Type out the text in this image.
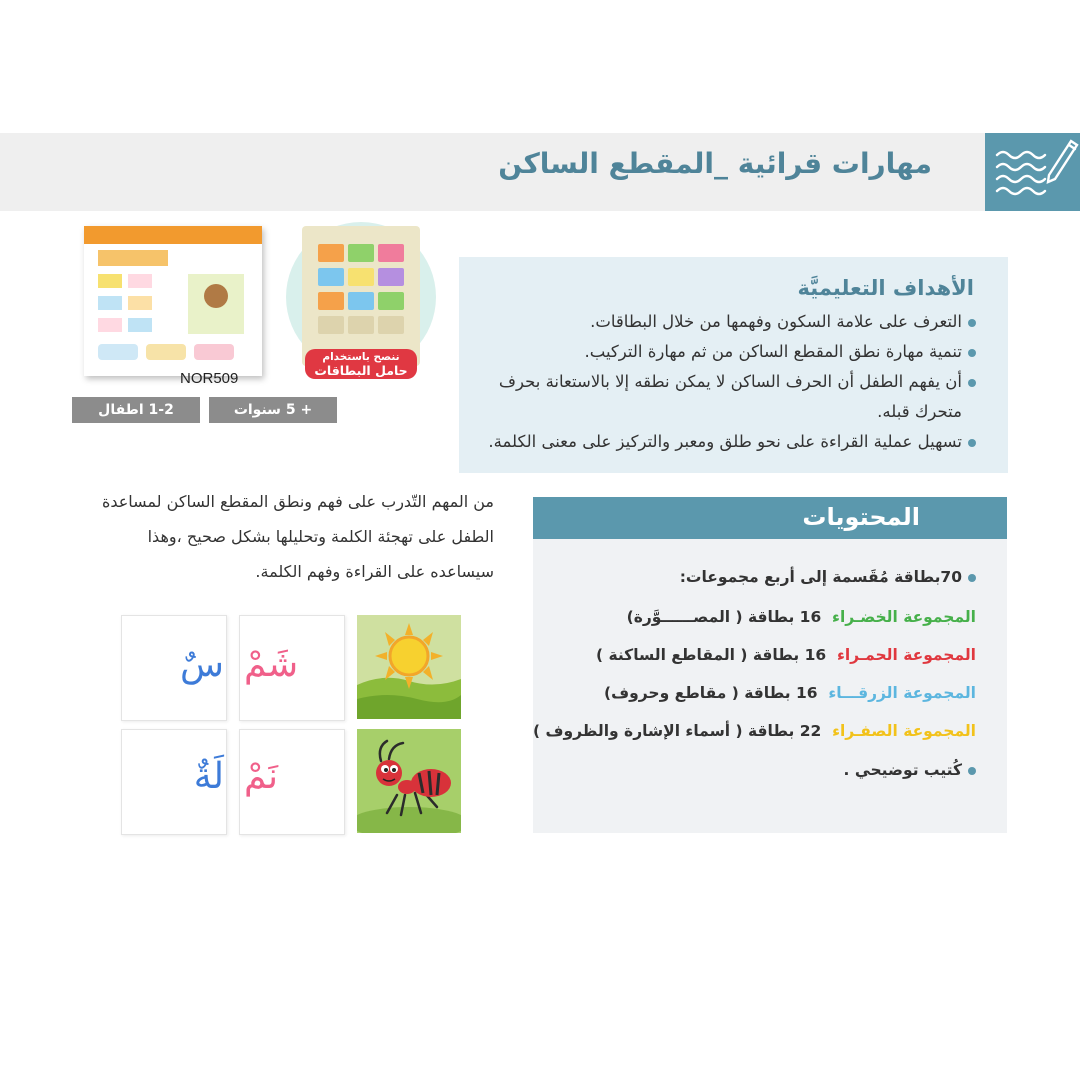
مهارات قرائية _المقطع الساكن
الأهداف التعليميَّة
التعرف على علامة السكون وفهمها من خلال البطاقات.
تنمية مهارة نطق المقطع الساكن من ثم مهارة التركيب.
أن يفهم الطفل أن الحرف الساكن لا يمكن نطقه إلا بالاستعانة بحرف
متحرك قبله.
تسهيل عملية القراءة على نحو طلق ومعبر والتركيز على معنى الكلمة.
من المهم التّدرب على فهم ونطق المقطع الساكن لمساعدة
الطفل على تهجئة الكلمة وتحليلها بشكل صحيح ،وهذا
سيساعده على القراءة وفهم الكلمة.
المحتويات
70بطاقة مُقَسمة إلى أربع مجموعات:
المجموعة الخضـراء  16 بطاقة ( المصــــــوَّرة)
المجموعة الحمـراء  16 بطاقة ( المقاطع الساكنة )
المجموعة الزرقـــاء  16 بطاقة ( مقاطع وحروف)
المجموعة الصفـراء  22 بطاقة ( أسماء الإشارة والظروف )
كُتيب توضيحي .
ننصح باستخدام
حامل البطاقات
NOR509
+ 5 سنوات
1-2 اطفال
سٌ شَمْ
لَةٌ نَمْ
